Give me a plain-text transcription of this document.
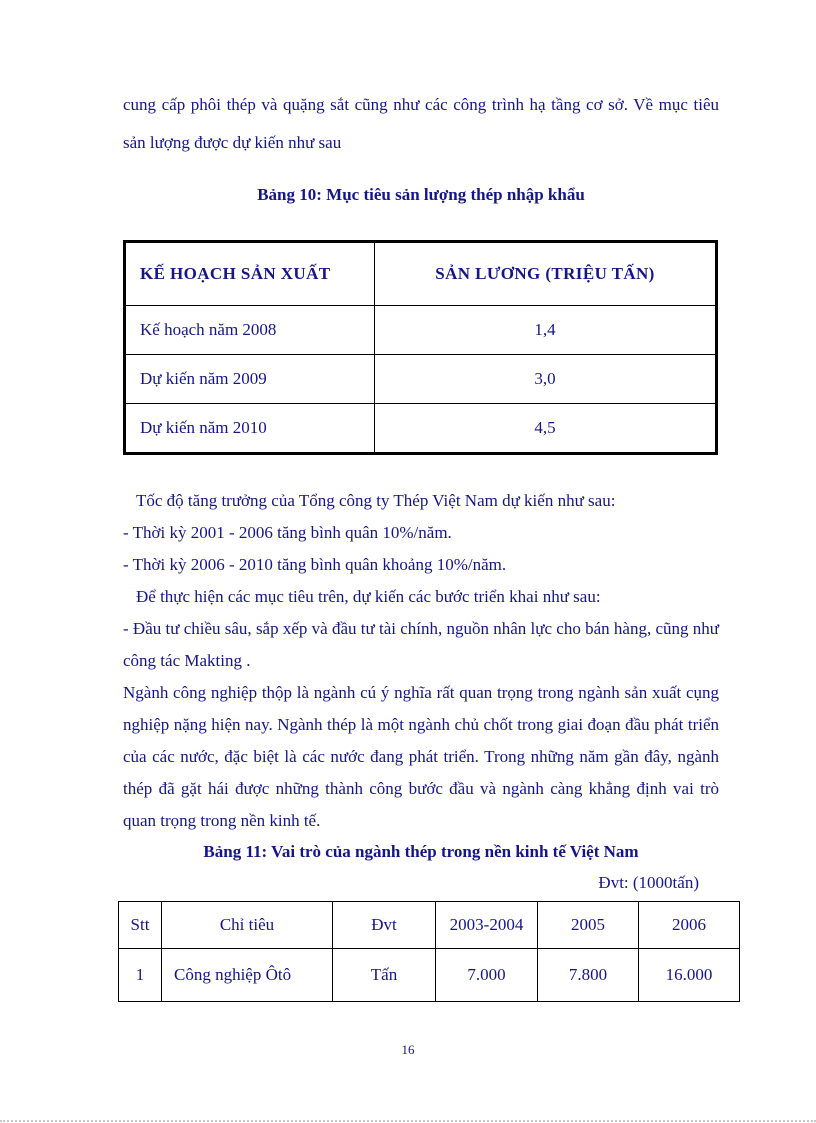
cung cấp phôi thép và quặng sắt cũng như các công trình hạ tầng cơ sở. Về mục tiêu sản lượng được dự kiến như sau

Bảng 10: Mục tiêu sản lượng thép nhập khẩu
KẾ HOẠCH SẢN XUẤT	SẢN LƯƠNG (TRIỆU TẤN)
Kế hoạch năm 2008	1,4
Dự kiến năm 2009	3,0
Dự kiến năm 2010	4,5

Tốc độ tăng trưởng của Tổng công ty Thép Việt Nam dự kiến như sau:

- Thời kỳ 2001 - 2006 tăng bình quân 10%/năm.

- Thời kỳ 2006 - 2010 tăng bình quân khoảng 10%/năm.

Để thực hiện các mục tiêu trên, dự kiến các bước triển khai như sau:

- Đầu tư chiều sâu, sắp xếp và đầu tư tài chính, nguồn nhân lực cho bán hàng, cũng như công tác Makting .

Ngành công nghiệp thộp là ngành cú ý nghĩa rất quan trọng trong ngành sản xuất cụng nghiệp nặng hiện nay. Ngành thép là một ngành chủ chốt trong giai đoạn đầu phát triển của các nước, đặc biệt là các nước đang phát triển. Trong những năm gần đây, ngành thép đã gặt hái được những thành công bước đầu và ngành càng khẳng định vai trò quan trọng trong nền kinh tế.

Bảng 11: Vai trò của ngành thép trong nền kinh tế Việt Nam

Đvt: (1000tấn)

Stt	Chỉ tiêu	Đvt	2003-2004	2005	2006
1	Công nghiệp Ôtô	Tấn	7.000	7.800	16.000
16
